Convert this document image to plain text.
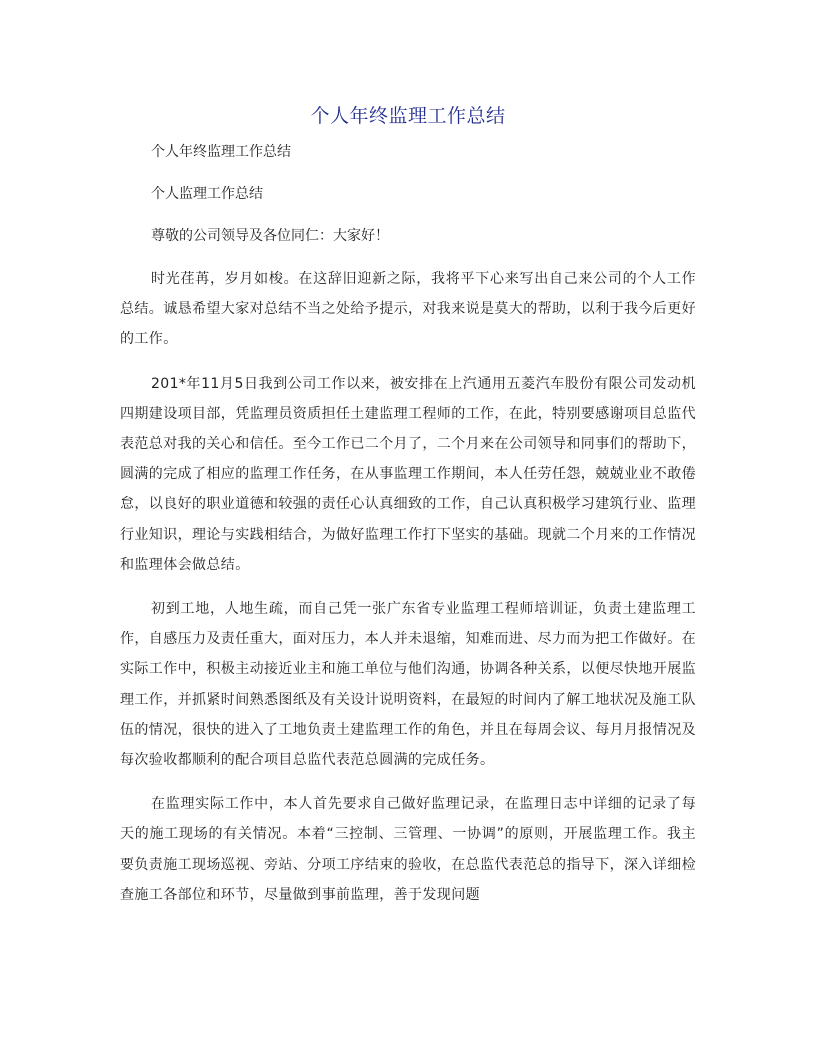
个人年终监理工作总结

个人年终监理工作总结

个人监理工作总结

尊敬的公司领导及各位同仁：大家好！

时光荏苒，岁月如梭。在这辞旧迎新之际，我将平下心来写出自己来公司的个人工作总结。诚恳希望大家对总结不当之处给予提示，对我来说是莫大的帮助，以利于我今后更好的工作。

201*年11月5日我到公司工作以来，被安排在上汽通用五菱汽车股份有限公司发动机四期建设项目部，凭监理员资质担任土建监理工程师的工作，在此，特别要感谢项目总监代表范总对我的关心和信任。至今工作已二个月了，二个月来在公司领导和同事们的帮助下，圆满的完成了相应的监理工作任务，在从事监理工作期间，本人任劳任怨，兢兢业业不敢倦怠，以良好的职业道德和较强的责任心认真细致的工作，自己认真积极学习建筑行业、监理行业知识，理论与实践相结合，为做好监理工作打下坚实的基础。现就二个月来的工作情况和监理体会做总结。

初到工地，人地生疏，而自己凭一张广东省专业监理工程师培训证，负责土建监理工作，自感压力及责任重大，面对压力，本人并未退缩，知难而进、尽力而为把工作做好。在实际工作中，积极主动接近业主和施工单位与他们沟通，协调各种关系，以便尽快地开展监理工作，并抓紧时间熟悉图纸及有关设计说明资料，在最短的时间内了解工地状况及施工队伍的情况，很快的进入了工地负责土建监理工作的角色，并且在每周会议、每月月报情况及每次验收都顺利的配合项目总监代表范总圆满的完成任务。

在监理实际工作中，本人首先要求自己做好监理记录，在监理日志中详细的记录了每天的施工现场的有关情况。本着“三控制、三管理、一协调”的原则，开展监理工作。我主要负责施工现场巡视、旁站、分项工序结束的验收，在总监代表范总的指导下，深入详细检查施工各部位和环节，尽量做到事前监理，善于发现问题
